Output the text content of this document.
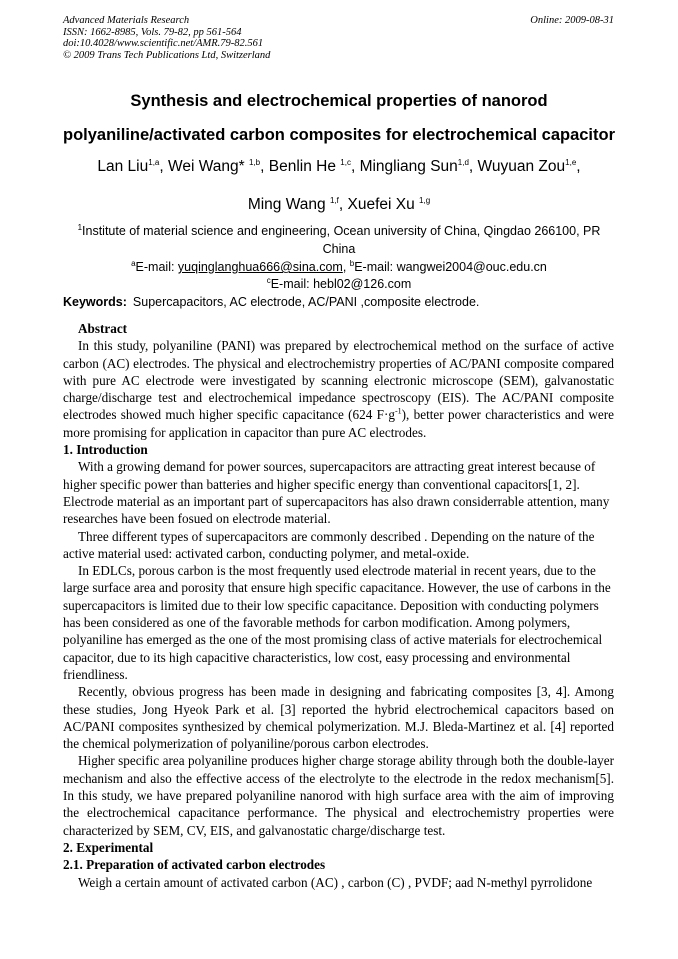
Advanced Materials Research
ISSN: 1662-8985, Vols. 79-82, pp 561-564
doi:10.4028/www.scientific.net/AMR.79-82.561
© 2009 Trans Tech Publications Ltd, Switzerland
Online: 2009-08-31
Synthesis and electrochemical properties of nanorod
polyaniline/activated carbon composites for electrochemical capacitor
Lan Liu$^{1,a}$, Wei Wang* $^{1,b}$, Benlin He $^{1,c}$, Mingliang Sun$^{1,d}$, Wuyuan Zou$^{1,e}$,
Ming Wang $^{1,f}$, Xuefei Xu $^{1,g}$
$^1$Institute of material science and engineering, Ocean university of China, Qingdao 266100, PR
China
$^a$E-mail: yuqinglanghua666@sina.com, $^b$E-mail: wangwei2004@ouc.edu.cn
$^c$E-mail: hebl02@126.com
Keywords: Supercapacitors, AC electrode, AC/PANI ,composite electrode.
Abstract

In this study, polyaniline (PANI) was prepared by electrochemical method on the surface of active carbon (AC) electrodes. The physical and electrochemistry properties of AC/PANI composite compared with pure AC electrode were investigated by scanning electronic microscope (SEM), galvanostatic charge/discharge test and electrochemical impedance spectroscopy (EIS). The AC/PANI composite electrodes showed much higher specific capacitance (624 $F\cdot g^{-1}$), better power characteristics and were more promising for application in capacitor than pure AC electrodes.

1. Introduction

With a growing demand for power sources, supercapacitors are attracting great interest because of higher specific power than batteries and higher specific energy than conventional capacitors[1, 2]. Electrode material as an important part of supercapacitors has also drawn considerrable attention, many researches have been fosued on electrode material.

Three different types of supercapacitors are commonly described . Depending on the nature of the active material used: activated carbon, conducting polymer, and metal-oxide.

In EDLCs, porous carbon is the most frequently used electrode material in recent years, due to the large surface area and porosity that ensure high specific capacitance. However, the use of carbons in the supercapacitors is limited due to their low specific capacitance. Deposition with conducting polymers has been considered as one of the favorable methods for carbon modification. Among polymers, polyaniline has emerged as the one of the most promising class of active materials for electrochemical capacitor, due to its high capacitive characteristics, low cost, easy processing and environmental friendliness.

Recently, obvious progress has been made in designing and fabricating composites [3, 4]. Among these studies, Jong Hyeok Park et al. [3] reported the hybrid electrochemical capacitors based on AC/PANI composites synthesized by chemical polymerization. M.J. Bleda-Martinez et al. [4] reported the chemical polymerization of polyaniline/porous carbon electrodes.

Higher specific area polyaniline produces higher charge storage ability through both the double-layer mechanism and also the effective access of the electrolyte to the electrode in the redox mechanism[5]. In this study, we have prepared polyaniline nanorod with high surface area with the aim of improving the electrochemical capacitance performance. The physical and electrochemistry properties were characterized by SEM, CV, EIS, and galvanostatic charge/discharge test.

2. Experimental
2.1. Preparation of activated carbon electrodes

Weigh a certain amount of activated carbon (AC) , carbon (C) , PVDF; aad N-methyl pyrrolidone
